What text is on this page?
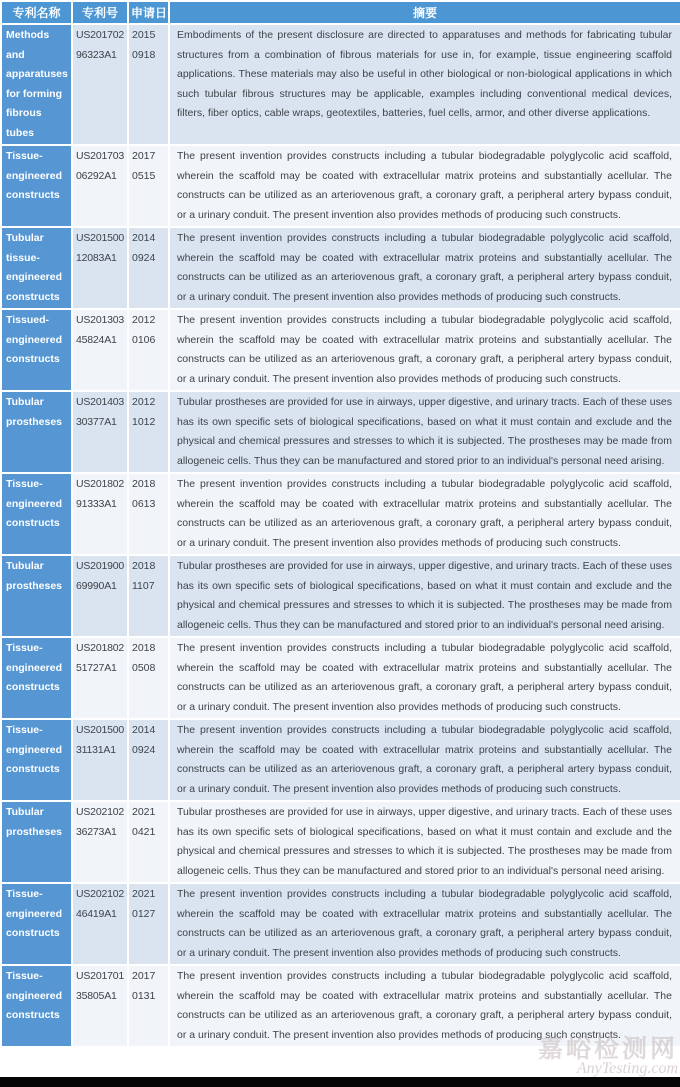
专利名称	专利号	申请日	摘要
Methods and apparatuses for forming fibrous tubes	US201702 96323A1	2015 0918	Embodiments of the present disclosure are directed to apparatuses and methods for fabricating tubular structures from a combination of fibrous materials for use in, for example, tissue engineering scaffold applications. These materials may also be useful in other biological or non-biological applications in which such tubular fibrous structures may be applicable, examples including conventional medical devices, filters, fiber optics, cable wraps, geotextiles, batteries, fuel cells, armor, and other diverse applications.
Tissue-engineered constructs	US201703 06292A1	2017 0515	The present invention provides constructs including a tubular biodegradable polyglycolic acid scaffold, wherein the scaffold may be coated with extracellular matrix proteins and substantially acellular. The constructs can be utilized as an arteriovenous graft, a coronary graft, a peripheral artery bypass conduit, or a urinary conduit. The present invention also provides methods of producing such constructs.
Tubular tissue-engineered constructs	US201500 12083A1	2014 0924	The present invention provides constructs including a tubular biodegradable polyglycolic acid scaffold, wherein the scaffold may be coated with extracellular matrix proteins and substantially acellular. The constructs can be utilized as an arteriovenous graft, a coronary graft, a peripheral artery bypass conduit, or a urinary conduit. The present invention also provides methods of producing such constructs.
Tissued-engineered constructs	US201303 45824A1	2012 0106	The present invention provides constructs including a tubular biodegradable polyglycolic acid scaffold, wherein the scaffold may be coated with extracellular matrix proteins and substantially acellular. The constructs can be utilized as an arteriovenous graft, a coronary graft, a peripheral artery bypass conduit, or a urinary conduit. The present invention also provides methods of producing such constructs.
Tubular prostheses	US201403 30377A1	2012 1012	Tubular prostheses are provided for use in airways, upper digestive, and urinary tracts. Each of these uses has its own specific sets of biological specifications, based on what it must contain and exclude and the physical and chemical pressures and stresses to which it is subjected. The prostheses may be made from allogeneic cells. Thus they can be manufactured and stored prior to an individual's personal need arising.
Tissue-engineered constructs	US201802 91333A1	2018 0613	The present invention provides constructs including a tubular biodegradable polyglycolic acid scaffold, wherein the scaffold may be coated with extracellular matrix proteins and substantially acellular. The constructs can be utilized as an arteriovenous graft, a coronary graft, a peripheral artery bypass conduit, or a urinary conduit. The present invention also provides methods of producing such constructs.
Tubular prostheses	US201900 69990A1	2018 1107	Tubular prostheses are provided for use in airways, upper digestive, and urinary tracts. Each of these uses has its own specific sets of biological specifications, based on what it must contain and exclude and the physical and chemical pressures and stresses to which it is subjected. The prostheses may be made from allogeneic cells. Thus they can be manufactured and stored prior to an individual's personal need arising.
Tissue-engineered constructs	US201802 51727A1	2018 0508	The present invention provides constructs including a tubular biodegradable polyglycolic acid scaffold, wherein the scaffold may be coated with extracellular matrix proteins and substantially acellular. The constructs can be utilized as an arteriovenous graft, a coronary graft, a peripheral artery bypass conduit, or a urinary conduit. The present invention also provides methods of producing such constructs.
Tissue-engineered constructs	US201500 31131A1	2014 0924	The present invention provides constructs including a tubular biodegradable polyglycolic acid scaffold, wherein the scaffold may be coated with extracellular matrix proteins and substantially acellular. The constructs can be utilized as an arteriovenous graft, a coronary graft, a peripheral artery bypass conduit, or a urinary conduit. The present invention also provides methods of producing such constructs.
Tubular prostheses	US202102 36273A1	2021 0421	Tubular prostheses are provided for use in airways, upper digestive, and urinary tracts. Each of these uses has its own specific sets of biological specifications, based on what it must contain and exclude and the physical and chemical pressures and stresses to which it is subjected. The prostheses may be made from allogeneic cells. Thus they can be manufactured and stored prior to an individual's personal need arising.
Tissue-engineered constructs	US202102 46419A1	2021 0127	The present invention provides constructs including a tubular biodegradable polyglycolic acid scaffold, wherein the scaffold may be coated with extracellular matrix proteins and substantially acellular. The constructs can be utilized as an arteriovenous graft, a coronary graft, a peripheral artery bypass conduit, or a urinary conduit. The present invention also provides methods of producing such constructs.
Tissue-engineered constructs	US201701 35805A1	2017 0131	The present invention provides constructs including a tubular biodegradable polyglycolic acid scaffold, wherein the scaffold may be coated with extracellular matrix proteins and substantially acellular. The constructs can be utilized as an arteriovenous graft, a coronary graft, a peripheral artery bypass conduit, or a urinary conduit. The present invention also provides methods of producing such constructs.
嘉峪检测网
AnyTesting.com
